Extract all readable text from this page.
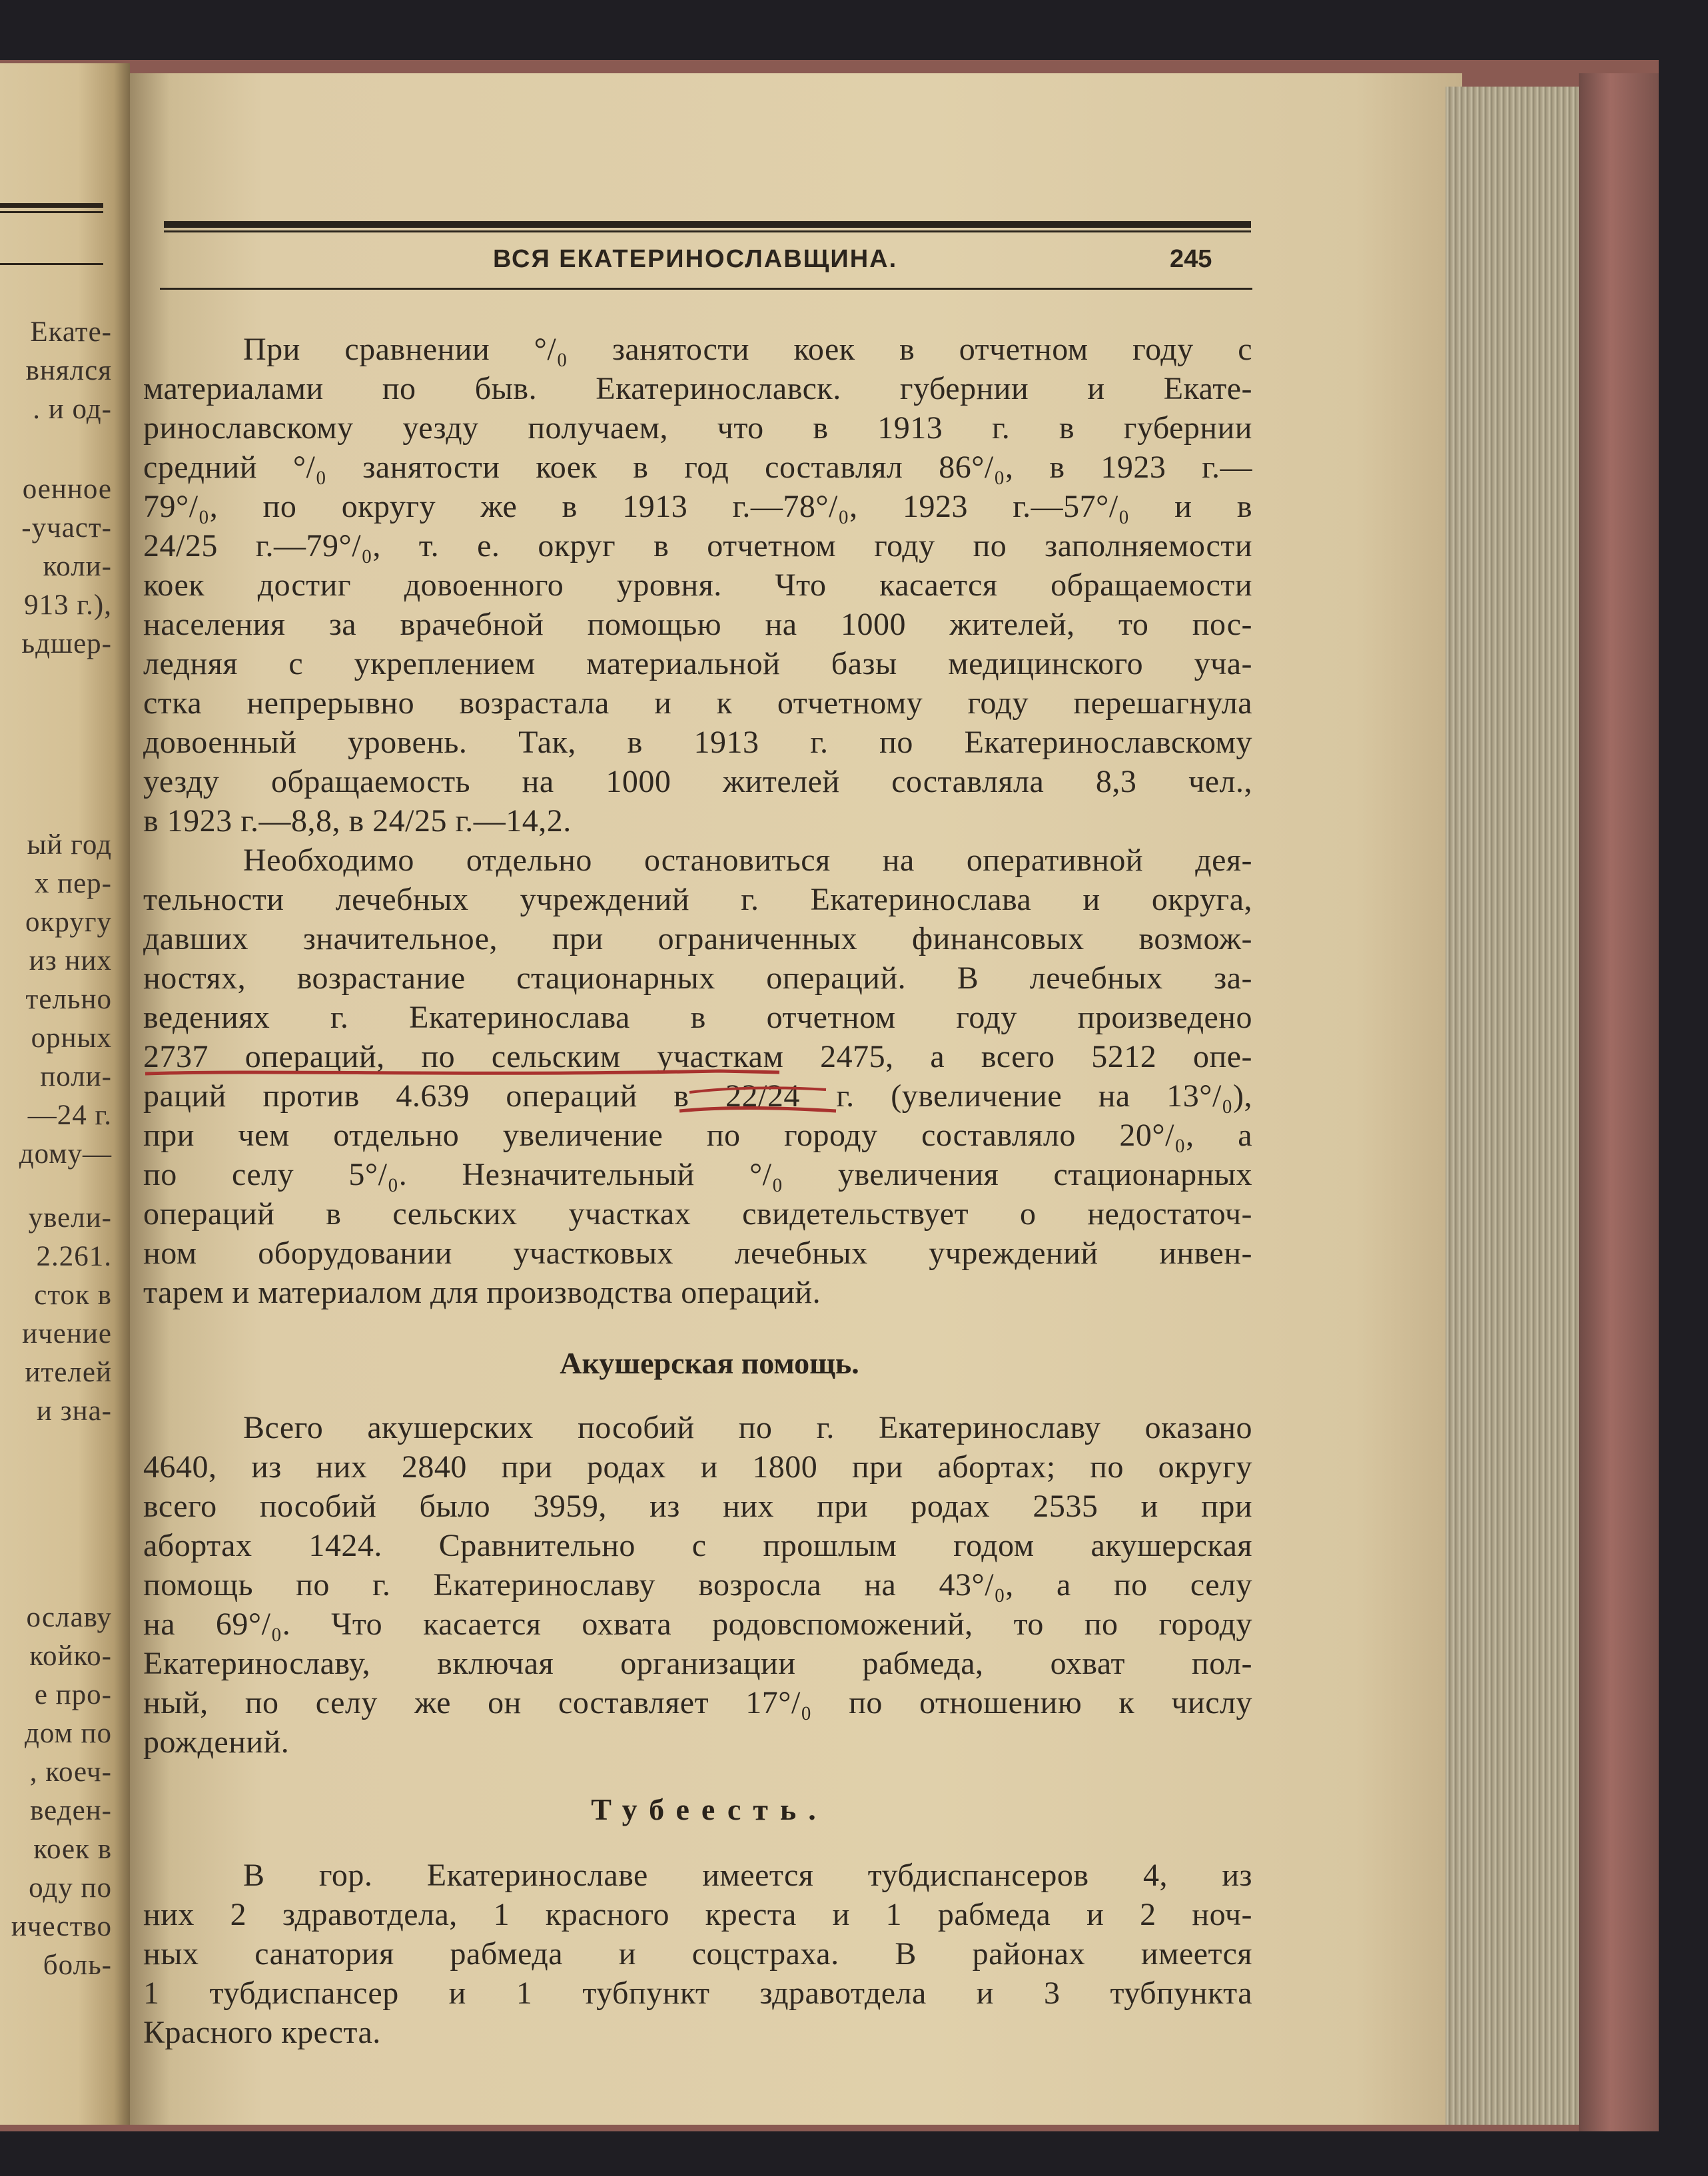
Екате-
внялся
. и од-
оенное
-участ-
коли-
913 г.),
ьдшер-
ый год
х пер-
округу
из них
тельно
орных
поли-
—24 г.
дому—
увели-
2.261.
сток в
ичение
ителей
и зна-
ославу
койко-
е про-
дом по
, коеч-
веден-
коек в
оду по
ичество
боль-
ВСЯ ЕКАТЕРИНОСЛАВЩИНА.	245
При сравнении °/₀ занятости коек в отчетном году с
материалами по быв. Екатеринославск. губернии и Екате-
ринославскому уезду получаем, что в 1913 г. в губернии
средний °/₀ занятости коек в год составлял 86°/₀, в 1923 г.—
79°/₀, по округу же в 1913 г.—78°/₀, 1923 г.—57°/₀ и в
24/25 г.—79°/₀, т. е. округ в отчетном году по заполняемости
коек достиг довоенного уровня. Что касается обращаемости
населения за врачебной помощью на 1000 жителей, то пос-
ледняя с укреплением материальной базы медицинского уча-
стка непрерывно возрастала и к отчетному году перешагнула
довоенный уровень. Так, в 1913 г. по Екатеринославскому
уезду обращаемость на 1000 жителей составляла 8,3 чел.,
в 1923 г.—8,8, в 24/25 г.—14,2.
Необходимо отдельно остановиться на оперативной дея-
тельности лечебных учреждений г. Екатеринослава и округа,
давших значительное, при ограниченных финансовых возмож-
ностях, возрастание стационарных операций. В лечебных за-
ведениях г. Екатеринослава в отчетном году произведено
2737 операций, по сельским участкам 2475, а всего 5212 опе-
раций против 4.639 операций в 22/24 г. (увеличение на 13°/₀),
при чем отдельно увеличение по городу составляло 20°/₀, а
по селу 5°/₀. Незначительный °/₀ увеличения стационарных
операций в сельских участках свидетельствует о недостаточ-
ном оборудовании участковых лечебных учреждений инвен-
тарем и материалом для производства операций.
Акушерская помощь.
Всего акушерских пособий по г. Екатеринославу оказано
4640, из них 2840 при родах и 1800 при абортах; по округу
всего пособий было 3959, из них при родах 2535 и при
абортах 1424. Сравнительно с прошлым годом акушерская
помощь по г. Екатеринославу возросла на 43°/₀, а по селу
на 69°/₀. Что касается охвата родовспоможений, то по городу
Екатеринославу, включая организации рабмеда, охват пол-
ный, по селу же он составляет 17°/₀ по отношению к числу
рождений.
Тубеесть.
В гор. Екатеринославе имеется тубдиспансеров 4, из
них 2 здравотдела, 1 красного креста и 1 рабмеда и 2 ноч-
ных санатория рабмеда и соцстраха. В районах имеется
1 тубдиспансер и 1 тубпункт здравотдела и 3 тубпункта
Красного креста.
